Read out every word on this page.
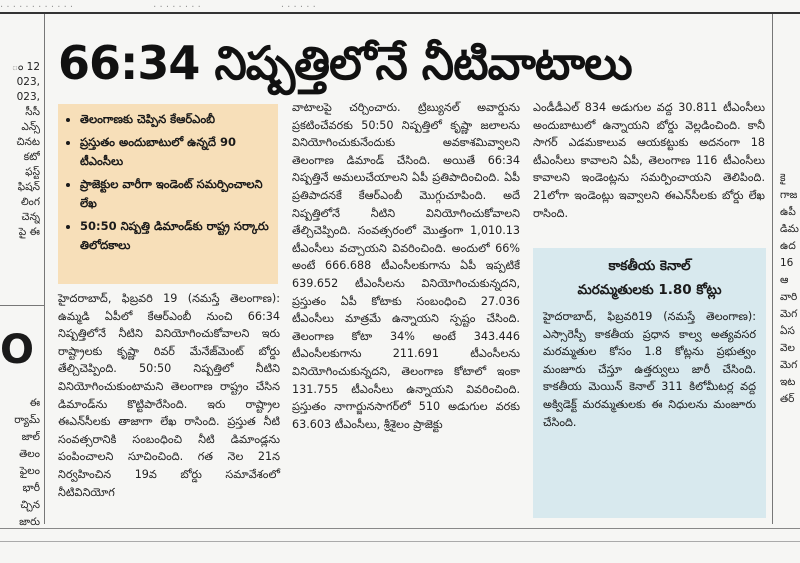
. . . . . . . . . . . .	. . . . . . . .	. . . . . .
ం 12
023,
023,
సీసీ
ఎన్స్
చినట
కటో
ఫస్ట్
ఫిషన్
లింగ
చెన్న
పై ఈ
O
ఈ
ర్యామ్
జాల్
తెలం
ఫైలం
భారీ
చ్చిన
జారు
66:34 నిష్పత్తిలోనే నీటివాటాలు
• తెలంగాణకు చెప్పిన కేఆర్ఎంబీ
• ప్రస్తుతం అందుబాటులో ఉన్నదే 90 టీఎంసీలు
• ప్రాజెక్టుల వారీగా ఇండెంట్ సమర్పించాలని లేఖ
• 50:50 నిష్పత్తి డిమాండ్‌కు రాష్ట్ర సర్కారు తిలోదకాలు

హైదరాబాద్, ఫిబ్రవరి 19 (నమస్తే తెలంగాణ): ఉమ్మడి ఏపీలో కేఆర్ఎంబీ నుంచి 66:34 నిష్పత్తిలోనే నీటిని వినియోగించుకోవాలని ఇరు రాష్ట్రాలకు కృష్ణా రివర్ మేనేజ్‌మెంట్ బోర్డు తేల్చిచెప్పింది. 50:50 నిష్పత్తిలో నీటిని వినియోగించుకుంటామని తెలంగాణ రాష్ట్రం చేసిన డిమాండ్‌ను కొట్టిపారేసింది. ఇరు రాష్ట్రాల ఈఎన్‌సీలకు తాజాగా లేఖ రాసింది. ప్రస్తుత నీటి సంవత్సరానికి సంబంధించి నీటి డిమాండ్లను పంపించాలని సూచించింది. గత నెల 21న నిర్వహించిన 19వ బోర్డు సమావేశంలో నీటివినియోగ

వాటాలపై చర్చించారు. ట్రిబ్యునల్ అవార్డును ప్రకటించేవరకు 50:50 నిష్పత్తిలో కృష్ణా జలాలను వినియోగించుకునేందుకు అవకాశమివ్వాలని తెలంగాణ డిమాండ్ చేసింది. అయితే 66:34 నిష్పత్తినే అమలుచేయాలని ఏపీ ప్రతిపాదించింది. ఏపీ ప్రతిపాదనకే కేఆర్ఎంబీ మొగ్గుచూపింది. అదే నిష్పత్తిలోనే నీటిని వినియోగించుకోవాలని తేల్చిచెప్పింది. సంవత్సరంలో మొత్తంగా 1,010.13 టీఎంసీలు వచ్చాయని వివరించింది. అందులో 66% అంటే 666.688 టీఎంసీలకుగాను ఏపీ ఇప్పటికే 639.652 టీఎంసీలను వినియోగించుకున్నదని, ప్రస్తుతం ఏపీ కోటాకు సంబంధించి 27.036 టీఎంసీలు మాత్రమే ఉన్నాయని స్పష్టం చేసింది. తెలంగాణ కోటా 34% అంటే 343.446 టీఎంసీలకుగాను 211.691 టీఎంసీలను వినియోగించుకున్నదని, తెలంగాణ కోటాలో ఇంకా 131.755 టీఎంసీలు ఉన్నాయని వివరించింది. ప్రస్తుతం నాగార్జునసాగర్‌లో 510 అడుగుల వరకు 63.603 టీఎంసీలు, శ్రీశైలం ప్రాజెక్టు

ఎండీడీఎల్ 834 అడుగుల వద్ద 30.811 టీఎంసీలు అందుబాటులో ఉన్నాయని బోర్డు వెల్లడించింది. కానీ సాగర్ ఎడమకాలువ ఆయకట్టుకు అదనంగా 18 టీఎంసీలు కావాలని ఏపీ, తెలంగాణ 116 టీఎంసీలు కావాలని ఇండెంట్లను సమర్పించాయని తెలిపింది. 21లోగా ఇండెంట్లు ఇవ్వాలని ఈఎన్‌సీలకు బోర్డు లేఖ రాసింది.

కాకతీయ కెనాల్
మరమ్మతులకు 1.80 కోట్లు
హైదరాబాద్, ఫిబ్రవరి19 (నమస్తే తెలంగాణ): ఎస్సారెస్పీ కాకతీయ ప్రధాన కాల్వ అత్యవసర మరమ్మతుల కోసం 1.8 కోట్లను ప్రభుత్వం మంజూరు చేస్తూ ఉత్తర్వులు జారీ చేసింది. కాకతీయ మెయిన్ కెనాల్ 311 కిలోమీటర్ల వద్ద అక్విడెక్ట్ మరమ్మతులకు ఈ నిధులను మంజూరు చేసింది.
కై
గాజ
ఉపీ
డిమ
ఉద
16
ఆ
వారి
మెగ
ఏస
వెల
మెగ
ఇట
తర్
